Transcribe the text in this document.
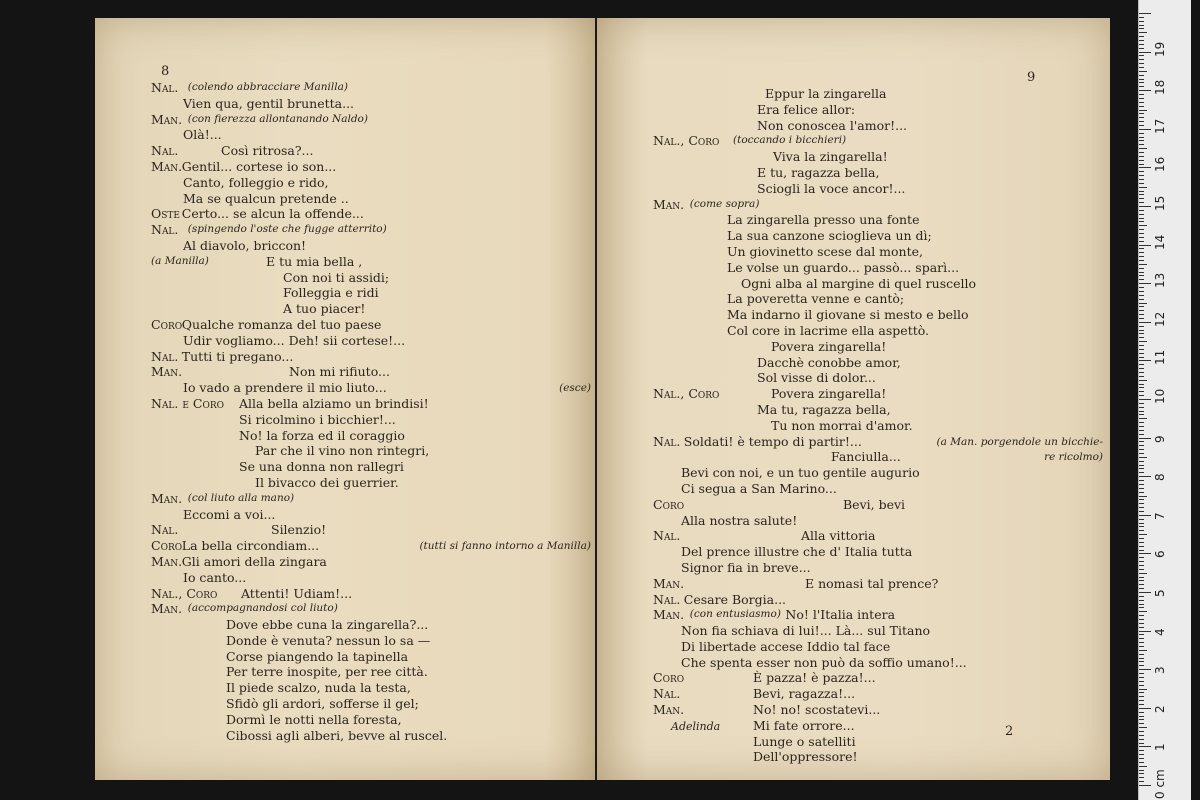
8
Nal. (colendo abbracciare Manilla)
Vien qua, gentil brunetta...
Man. (con fierezza allontanando Naldo)
Olà!...
Nal.	Così ritrosa?...
Man. Gentil... cortese io son...
Canto, folleggio e rido,
Ma se qualcun pretende ..
Oste Certo... se alcun la offende...
Nal. (spingendo l'oste che fugge atterrito)
Al diavolo, briccon!
(a Manilla)	E tu mia bella ,
Con noi ti assidi;
Folleggia e ridi
A tuo piacer!
Coro Qualche romanza del tuo paese
Udir vogliamo... Deh! sii cortese!...
Nal. Tutti ti pregano...
Man.	Non mi rifiuto...
Io vado a prendere il mio liuto...
Nal. e Coro Alla bella alziamo un brindisi!
Si ricolmino i bicchier!...
No! la forza ed il coraggio
Par che il vino non rintegri,
Se una donna non rallegri
Il bivacco dei guerrier.
Man. (col liuto alla mano)
Eccomi a voi...
Nal.	Silenzio!
Coro La bella circondiam...
Man. Gli amori della zingara
Io canto...
Nal., Coro Attenti! Udiam!...
Man. (accompagnandosi col liuto)
Dove ebbe cuna la zingarella?...
Donde è venuta? nessun lo sa —
Corse piangendo la tapinella
Per terre inospite, per ree città.
Il piede scalzo, nuda la testa,
Sfidò gli ardori, sofferse il gel;
Dormì le notti nella foresta,
Cibossi agli alberi, bevve al ruscel.
(esce)
(tutti si fanno intorno a Manilla)
9
Eppur la zingarella
Era felice allor:
Non conoscea l'amor!...
Nal., Coro (toccando i bicchieri)
Viva la zingarella!
E tu, ragazza bella,
Sciogli la voce ancor!...
Man. (come sopra)
La zingarella presso una fonte
La sua canzone scioglieva un dì;
Un giovinetto scese dal monte,
Le volse un guardo... passò... sparì...
Ogni alba al margine di quel ruscello
La poveretta venne e cantò;
Ma indarno il giovane si mesto e bello
Col core in lacrime ella aspettò.
Povera zingarella!
Dacchè conobbe amor,
Sol visse di dolor...
Nal., Coro	Povera zingarella!
Ma tu, ragazza bella,
Tu non morrai d'amor.
Nal. Soldati! è tempo di partir!...
Fanciulla...
Bevi con noi, e un tuo gentile augurio
Ci segua a San Marino...
Coro	Bevi, bevi
Alla nostra salute!
Nal.	Alla vittoria
Del prence illustre che d' Italia tutta
Signor fia in breve...
Man.	E nomasi tal prence?
Nal. Cesare Borgia...
Man. (con entusiasmo) No! l'Italia intera
Non fia schiava di lui!... Là... sul Titano
Di libertade accese Iddio tal face
Che spenta esser non può da soffio umano!...
Coro	È pazza! è pazza!...
Nal.	Bevi, ragazza!...
Man.	No! no! scostatevi...
Mi fate orrore...
Lunge o satelliti
Dell'oppressore!
(a Man. porgendole un bicchie-
re ricolmo)
Adelinda	2
0 cm
1
2
3
4
5
6
7
8
9
10
11
12
13
14
15
16
17
18
19
